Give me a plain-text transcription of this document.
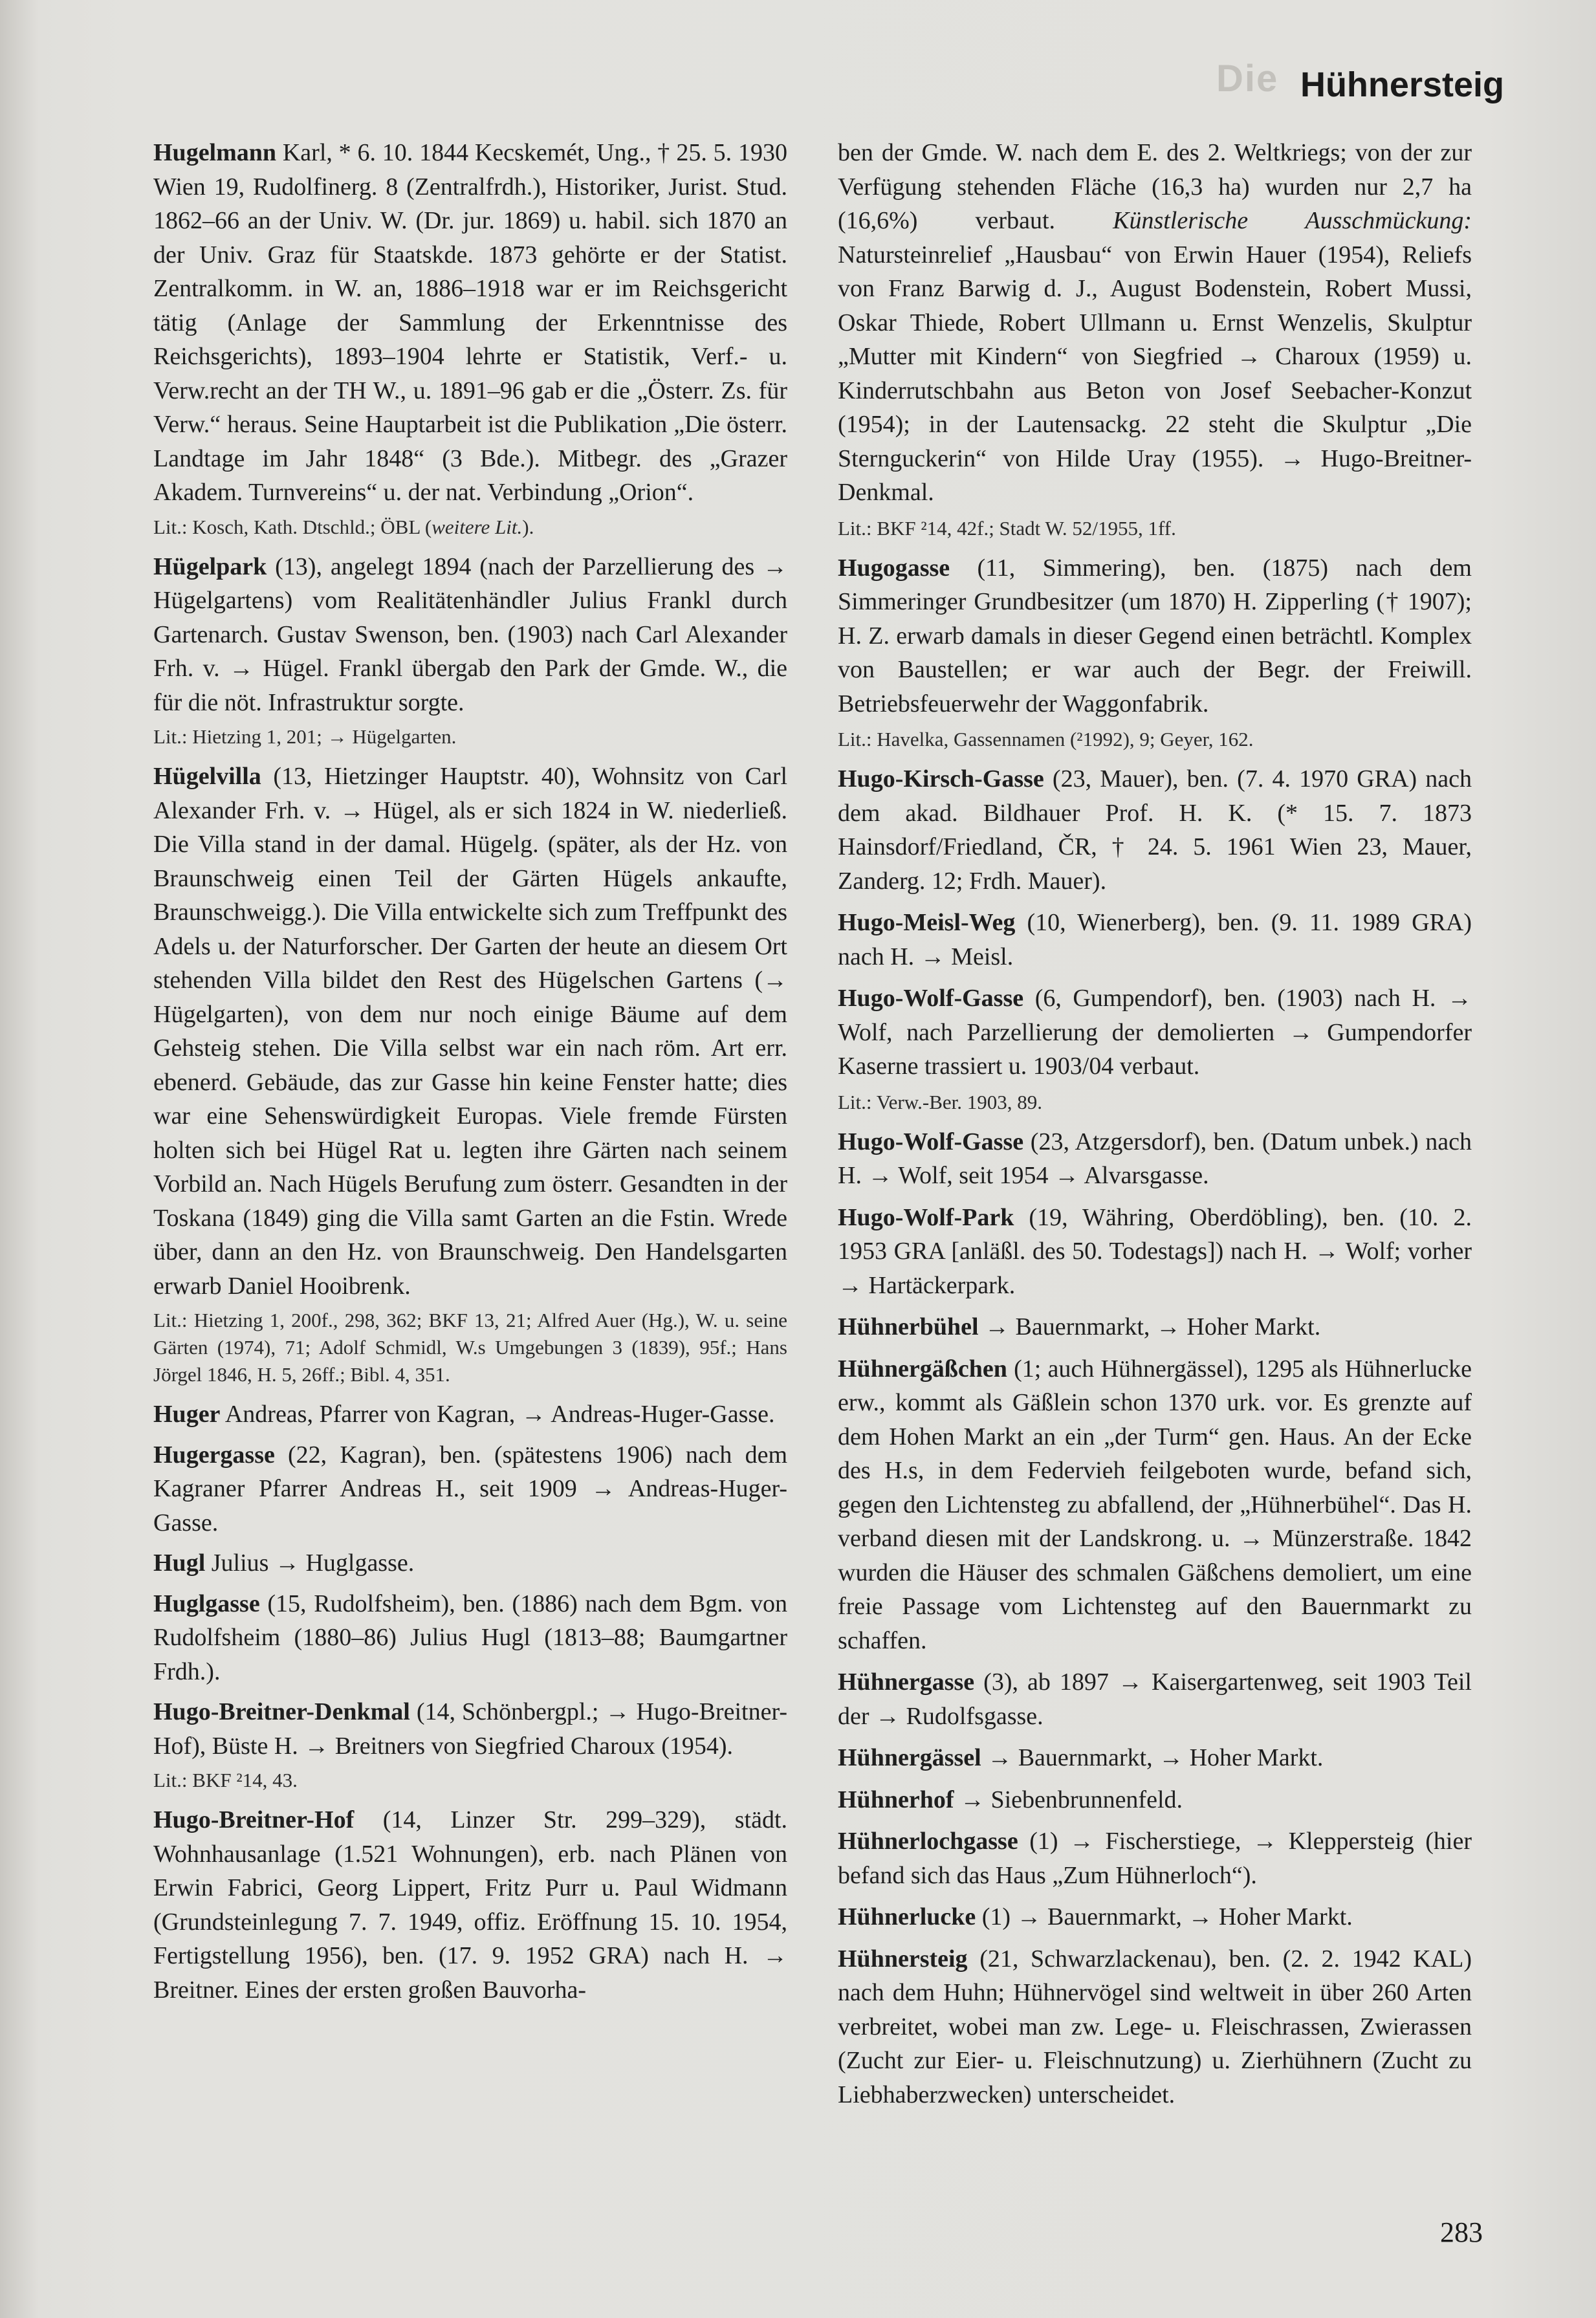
Die Hühnersteig

Hugelmann Karl, * 6. 10. 1844 Kecskemét, Ung., † 25. 5. 1930 Wien 19, Rudolfinerg. 8 (Zentralfrdh.), Historiker, Jurist. Stud. 1862–66 an der Univ. W. (Dr. jur. 1869) u. habil. sich 1870 an der Univ. Graz für Staatskde. 1873 gehörte er der Statist. Zentralkomm. in W. an, 1886–1918 war er im Reichsgericht tätig (Anlage der Sammlung der Erkenntnisse des Reichsgerichts), 1893–1904 lehrte er Statistik, Verf.- u. Verw.recht an der TH W., u. 1891–96 gab er die „Österr. Zs. für Verw.“ heraus. Seine Hauptarbeit ist die Publikation „Die österr. Landtage im Jahr 1848“ (3 Bde.). Mitbegr. des „Grazer Akadem. Turnvereins“ u. der nat. Verbindung „Orion“.

Lit.: Kosch, Kath. Dtschld.; ÖBL (weitere Lit.).

Hügelpark (13), angelegt 1894 (nach der Parzellierung des → Hügelgartens) vom Realitätenhändler Julius Frankl durch Gartenarch. Gustav Swenson, ben. (1903) nach Carl Alexander Frh. v. → Hügel. Frankl übergab den Park der Gmde. W., die für die nöt. Infrastruktur sorgte.

Lit.: Hietzing 1, 201; → Hügelgarten.

Hügelvilla (13, Hietzinger Hauptstr. 40), Wohnsitz von Carl Alexander Frh. v. → Hügel, als er sich 1824 in W. niederließ. Die Villa stand in der damal. Hügelg. (später, als der Hz. von Braunschweig einen Teil der Gärten Hügels ankaufte, Braunschweigg.). Die Villa entwickelte sich zum Treffpunkt des Adels u. der Naturforscher. Der Garten der heute an diesem Ort stehenden Villa bildet den Rest des Hügelschen Gartens (→ Hügelgarten), von dem nur noch einige Bäume auf dem Gehsteig stehen. Die Villa selbst war ein nach röm. Art err. ebenerd. Gebäude, das zur Gasse hin keine Fenster hatte; dies war eine Sehenswürdigkeit Europas. Viele fremde Fürsten holten sich bei Hügel Rat u. legten ihre Gärten nach seinem Vorbild an. Nach Hügels Berufung zum österr. Gesandten in der Toskana (1849) ging die Villa samt Garten an die Fstin. Wrede über, dann an den Hz. von Braunschweig. Den Handelsgarten erwarb Daniel Hooibrenk.

Lit.: Hietzing 1, 200f., 298, 362; BKF 13, 21; Alfred Auer (Hg.), W. u. seine Gärten (1974), 71; Adolf Schmidl, W.s Umgebungen 3 (1839), 95f.; Hans Jörgel 1846, H. 5, 26ff.; Bibl. 4, 351.

Huger Andreas, Pfarrer von Kagran, → Andreas-Huger-Gasse.

Hugergasse (22, Kagran), ben. (spätestens 1906) nach dem Kagraner Pfarrer Andreas H., seit 1909 → Andreas-Huger-Gasse.

Hugl Julius → Huglgasse.

Huglgasse (15, Rudolfsheim), ben. (1886) nach dem Bgm. von Rudolfsheim (1880–86) Julius Hugl (1813–88; Baumgartner Frdh.).

Hugo-Breitner-Denkmal (14, Schönbergpl.; → Hugo-Breitner-Hof), Büste H. → Breitners von Siegfried Charoux (1954).

Lit.: BKF ²14, 43.

Hugo-Breitner-Hof (14, Linzer Str. 299–329), städt. Wohnhausanlage (1.521 Wohnungen), erb. nach Plänen von Erwin Fabrici, Georg Lippert, Fritz Purr u. Paul Widmann (Grundsteinlegung 7. 7. 1949, offiz. Eröffnung 15. 10. 1954, Fertigstellung 1956), ben. (17. 9. 1952 GRA) nach H. → Breitner. Eines der ersten großen Bauvorha-

ben der Gmde. W. nach dem E. des 2. Weltkriegs; von der zur Verfügung stehenden Fläche (16,3 ha) wurden nur 2,7 ha (16,6%) verbaut. Künstlerische Ausschmückung: Natursteinrelief „Hausbau“ von Erwin Hauer (1954), Reliefs von Franz Barwig d. J., August Bodenstein, Robert Mussi, Oskar Thiede, Robert Ullmann u. Ernst Wenzelis, Skulptur „Mutter mit Kindern“ von Siegfried → Charoux (1959) u. Kinderrutschbahn aus Beton von Josef Seebacher-Konzut (1954); in der Lautensackg. 22 steht die Skulptur „Die Sternguckerin“ von Hilde Uray (1955). → Hugo-Breitner-Denkmal.

Lit.: BKF ²14, 42f.; Stadt W. 52/1955, 1ff.

Hugogasse (11, Simmering), ben. (1875) nach dem Simmeringer Grundbesitzer (um 1870) H. Zipperling († 1907); H. Z. erwarb damals in dieser Gegend einen beträchtl. Komplex von Baustellen; er war auch der Begr. der Freiwill. Betriebsfeuerwehr der Waggonfabrik.

Lit.: Havelka, Gassennamen (²1992), 9; Geyer, 162.

Hugo-Kirsch-Gasse (23, Mauer), ben. (7. 4. 1970 GRA) nach dem akad. Bildhauer Prof. H. K. (* 15. 7. 1873 Hainsdorf/Friedland, ČR, † 24. 5. 1961 Wien 23, Mauer, Zanderg. 12; Frdh. Mauer).

Hugo-Meisl-Weg (10, Wienerberg), ben. (9. 11. 1989 GRA) nach H. → Meisl.

Hugo-Wolf-Gasse (6, Gumpendorf), ben. (1903) nach H. → Wolf, nach Parzellierung der demolierten → Gumpendorfer Kaserne trassiert u. 1903/04 verbaut.

Lit.: Verw.-Ber. 1903, 89.

Hugo-Wolf-Gasse (23, Atzgersdorf), ben. (Datum unbek.) nach H. → Wolf, seit 1954 → Alvarsgasse.

Hugo-Wolf-Park (19, Währing, Oberdöbling), ben. (10. 2. 1953 GRA [anläßl. des 50. Todestags]) nach H. → Wolf; vorher → Hartäckerpark.

Hühnerbühel → Bauernmarkt, → Hoher Markt.

Hühnergäßchen (1; auch Hühnergässel), 1295 als Hühnerlucke erw., kommt als Gäßlein schon 1370 urk. vor. Es grenzte auf dem Hohen Markt an ein „der Turm“ gen. Haus. An der Ecke des H.s, in dem Federvieh feilgeboten wurde, befand sich, gegen den Lichtensteg zu abfallend, der „Hühnerbühel“. Das H. verband diesen mit der Landskrong. u. → Münzerstraße. 1842 wurden die Häuser des schmalen Gäßchens demoliert, um eine freie Passage vom Lichtensteg auf den Bauernmarkt zu schaffen.

Hühnergasse (3), ab 1897 → Kaisergartenweg, seit 1903 Teil der → Rudolfsgasse.

Hühnergässel → Bauernmarkt, → Hoher Markt.

Hühnerhof → Siebenbrunnenfeld.

Hühnerlochgasse (1) → Fischerstiege, → Kleppersteig (hier befand sich das Haus „Zum Hühnerloch“).

Hühnerlucke (1) → Bauernmarkt, → Hoher Markt.

Hühnersteig (21, Schwarzlackenau), ben. (2. 2. 1942 KAL) nach dem Huhn; Hühnervögel sind weltweit in über 260 Arten verbreitet, wobei man zw. Lege- u. Fleischrassen, Zwierassen (Zucht zur Eier- u. Fleischnutzung) u. Zierhühnern (Zucht zu Liebhaberzwecken) unterscheidet.

283
